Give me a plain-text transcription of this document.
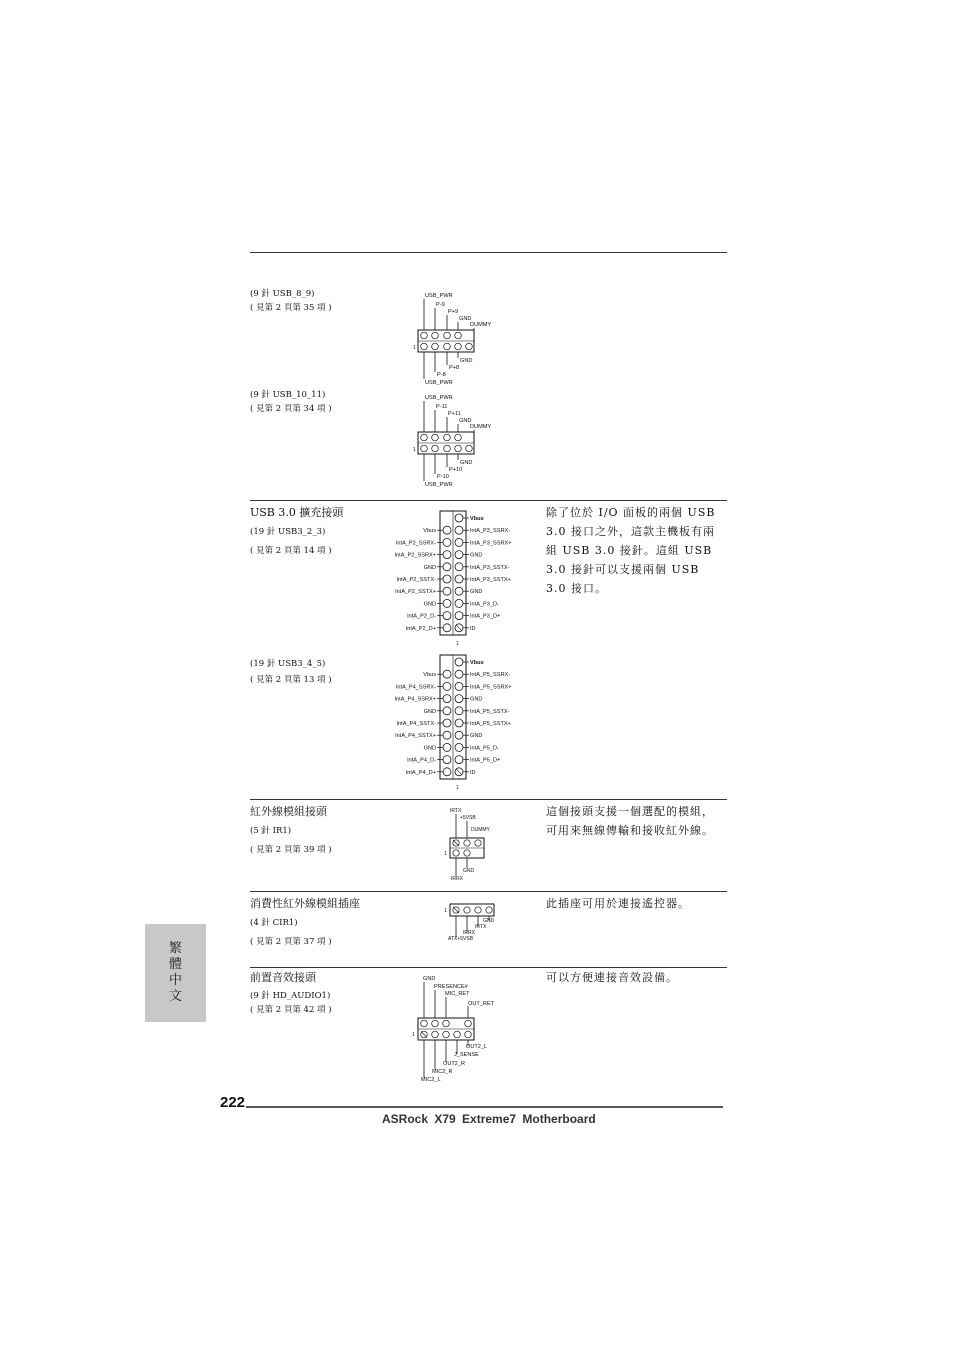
(9 針 USB_8_9)
( 見第 2 頁第 35 項 )
USB_PWR
P-9
P+9
GND
DUMMY
1
GND
P+8
P-8
USB_PWR
(9 針 USB_10_11)
( 見第 2 頁第 34 項 )
USB_PWR
P-11
P+11
GND
DUMMY
1
GND
P+10
P-10
USB_PWR
USB 3.0 擴充接頭
(19 針 USB3_2_3)
( 見第 2 頁第 14 項 )
除了位於 I/O 面板的兩個 USB 3.0 接口之外，這款主機板有兩組 USB 3.0 接針。這組 USB 3.0 接針可以支援兩個 USB 3.0 接口。
Vbus
IntA_P3_SSRX-
Vbus
IntA_P3_SSRX+
IntA_P2_SSRX-
GND
IntA_P2_SSRX+
IntA_P3_SSTX-
GND
IntA_P3_SSTX+
IntA_P2_SSTX-
GND
IntA_P2_SSTX+
IntA_P3_D-
GND
IntA_P3_D+
IntA_P2_D-
ID
IntA_P2_D+
1
(19 針 USB3_4_5)
( 見第 2 頁第 13 項 )
Vbus
IntA_P5_SSRX-
Vbus
IntA_P5_SSRX+
IntA_P4_SSRX-
GND
IntA_P4_SSRX+
IntA_P5_SSTX-
GND
IntA_P5_SSTX+
IntA_P4_SSTX-
GND
IntA_P4_SSTX+
IntA_P5_D-
GND
IntA_P5_D+
IntA_P4_D-
ID
IntA_P4_D+
1
紅外線模組接頭
(5 針 IR1)
( 見第 2 頁第 39 項 )
這個接頭支援一個選配的模組，可用來無線傳輸和接收紅外線。
IRTX
+5VSB
DUMMY
1
GND
IRRX
消費性紅外線模組插座
(4 針 CIR1)
( 見第 2 頁第 37 項 )
此插座可用於連接遙控器。
1
GND
IRTX
IRRX
ATX+5VSB
前置音效接頭
(9 針 HD_AUDIO1)
( 見第 2 頁第 42 項 )
可以方便連接音效設備。
GND
PRESENCE#
MIC_RET
OUT_RET
1
OUT2_L
J_SENSE
OUT2_R
MIC2_R
MIC2_L
繁體中文
222
ASRock X79 Extreme7 Motherboard
